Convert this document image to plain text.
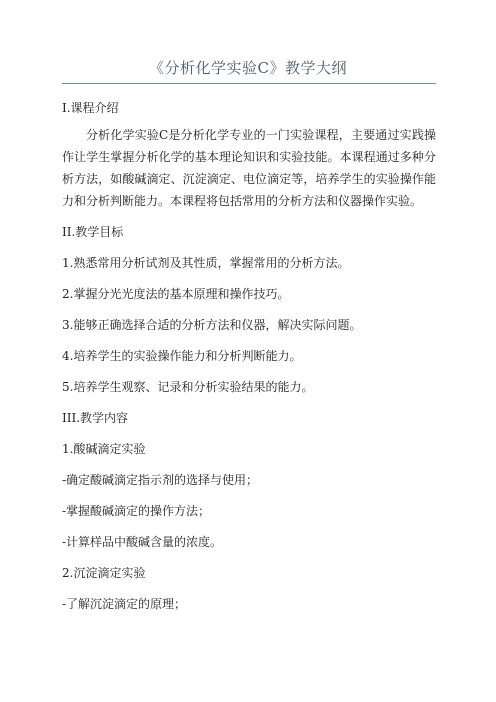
《分析化学实验C》教学大纲
I.课程介绍
分析化学实验C是分析化学专业的一门实验课程，主要通过实践操作让学生掌握分析化学的基本理论知识和实验技能。本课程通过多种分析方法，如酸碱滴定、沉淀滴定、电位滴定等，培养学生的实验操作能力和分析判断能力。本课程将包括常用的分析方法和仪器操作实验。
II.教学目标
1.熟悉常用分析试剂及其性质，掌握常用的分析方法。
2.掌握分光光度法的基本原理和操作技巧。
3.能够正确选择合适的分析方法和仪器，解决实际问题。
4.培养学生的实验操作能力和分析判断能力。
5.培养学生观察、记录和分析实验结果的能力。
III.教学内容
1.酸碱滴定实验
-确定酸碱滴定指示剂的选择与使用；
-掌握酸碱滴定的操作方法；
-计算样品中酸碱含量的浓度。
2.沉淀滴定实验
-了解沉淀滴定的原理；
